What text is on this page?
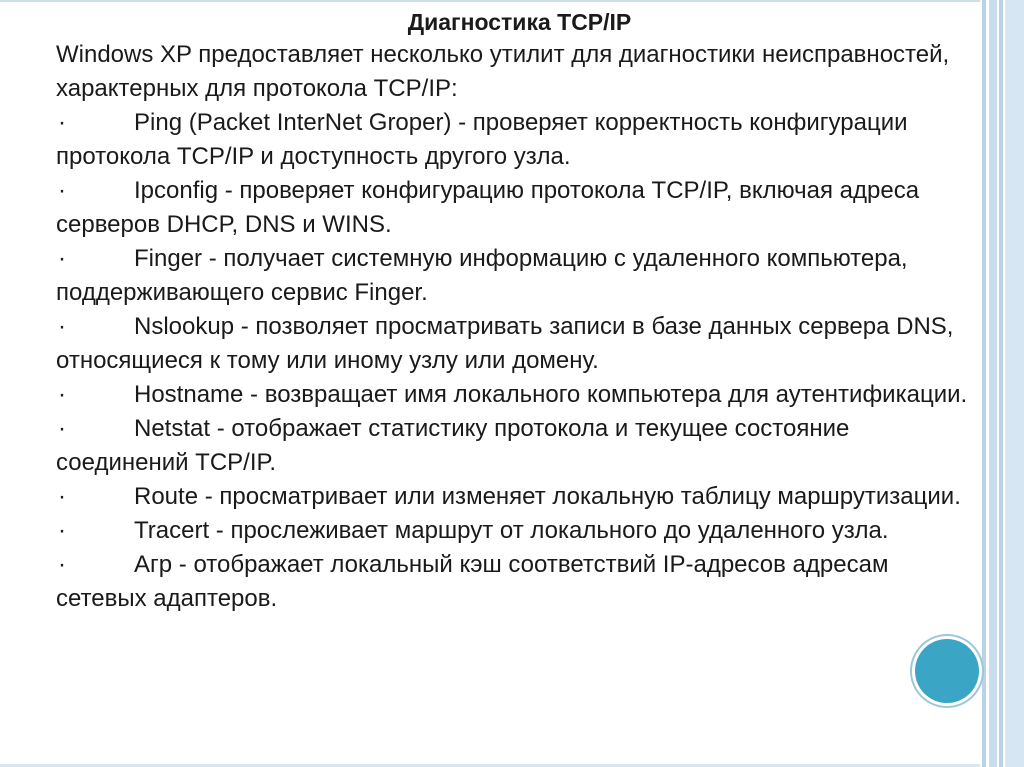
Диагностика TCP/IP

Windows XP предоставляет несколько утилит для диагностики неисправностей, характерных для протокола TCP/IP:

·	Ping (Packet InterNet Groper) - проверяет корректность конфигурации протокола TCP/IP и доступность другого узла.
·	Ipconfig - проверяет конфигурацию протокола TCP/IP, включая адреса серверов DHCP, DNS и WINS.
·	Finger - получает системную информацию с удаленного компьютера, поддерживающего сервис Finger.
·	Nslookup - позволяет просматривать записи в базе данных сервера DNS, относящиеся к тому или иному узлу или домену.
·	Hostname - возвращает имя локального компьютера для аутентификации.
·	Netstat - отображает статистику протокола и текущее состояние соединений TCP/IP.
·	Route - просматривает или изменяет локальную таблицу маршрутизации.
·	Tracert - прослеживает маршрут от локального до удаленного узла.
·	Агр - отображает локальный кэш соответствий IP-адресов адресам сетевых адаптеров.
